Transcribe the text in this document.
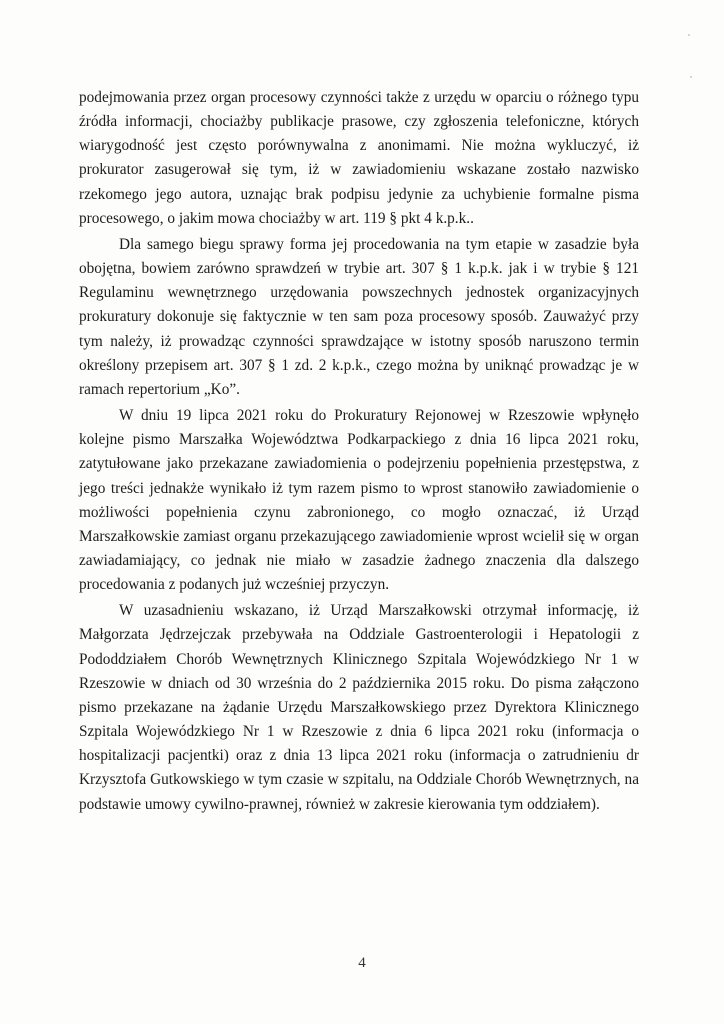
podejmowania przez organ procesowy czynności także z urzędu w oparciu o różnego typu źródła informacji, chociażby publikacje prasowe, czy zgłoszenia telefoniczne, których wiarygodność jest często porównywalna z anonimami. Nie można wykluczyć, iż prokurator zasugerował się tym, iż w zawiadomieniu wskazane zostało nazwisko rzekomego jego autora, uznając brak podpisu jedynie za uchybienie formalne pisma procesowego, o jakim mowa chociażby w art. 119 § pkt 4 k.p.k..

Dla samego biegu sprawy forma jej procedowania na tym etapie w zasadzie była obojętna, bowiem zarówno sprawdzeń w trybie art. 307 § 1 k.p.k. jak i w trybie § 121 Regulaminu wewnętrznego urzędowania powszechnych jednostek organizacyjnych prokuratury dokonuje się faktycznie w ten sam poza procesowy sposób. Zauważyć przy tym należy, iż prowadząc czynności sprawdzające w istotny sposób naruszono termin określony przepisem art. 307 § 1 zd. 2 k.p.k., czego można by uniknąć prowadząc je w ramach repertorium „Ko”.

W dniu 19 lipca 2021 roku do Prokuratury Rejonowej w Rzeszowie wpłynęło kolejne pismo Marszałka Województwa Podkarpackiego z dnia 16 lipca 2021 roku, zatytułowane jako przekazane zawiadomienia o podejrzeniu popełnienia przestępstwa, z jego treści jednakże wynikało iż tym razem pismo to wprost stanowiło zawiadomienie o możliwości popełnienia czynu zabronionego, co mogło oznaczać, iż Urząd Marszałkowskie zamiast organu przekazującego zawiadomienie wprost wcielił się w organ zawiadamiający, co jednak nie miało w zasadzie żadnego znaczenia dla dalszego procedowania z podanych już wcześniej przyczyn.

W uzasadnieniu wskazano, iż Urząd Marszałkowski otrzymał informację, iż Małgorzata Jędrzejczak przebywała na Oddziale Gastroenterologii i Hepatologii z Pododdziałem Chorób Wewnętrznych Klinicznego Szpitala Wojewódzkiego Nr 1 w Rzeszowie w dniach od 30 września do 2 października 2015 roku. Do pisma załączono pismo przekazane na żądanie Urzędu Marszałkowskiego przez Dyrektora Klinicznego Szpitala Wojewódzkiego Nr 1 w Rzeszowie z dnia 6 lipca 2021 roku (informacja o hospitalizacji pacjentki) oraz z dnia 13 lipca 2021 roku (informacja o zatrudnieniu dr Krzysztofa Gutkowskiego w tym czasie w szpitalu, na Oddziale Chorób Wewnętrznych, na podstawie umowy cywilno-prawnej, również w zakresie kierowania tym oddziałem).

4
